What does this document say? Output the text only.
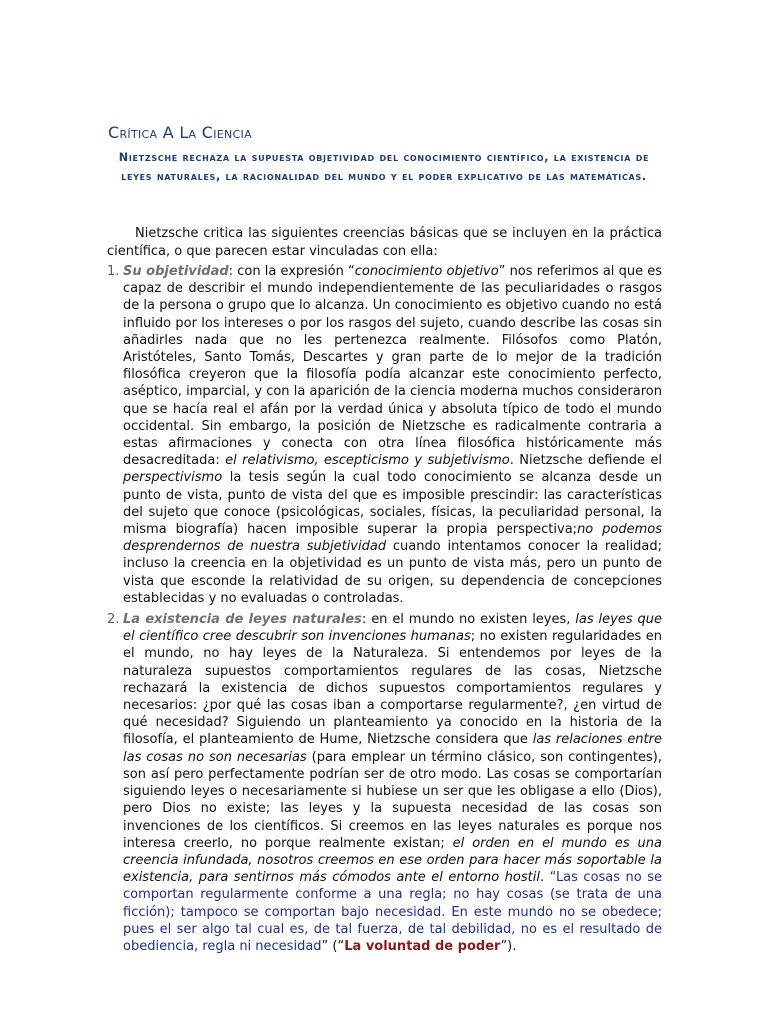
Crítica A La Ciencia
Nietzsche rechaza la supuesta objetividad del conocimiento científico, la existencia de leyes naturales, la racionalidad del mundo y el poder explicativo de las matemáticas.

Nietzsche critica las siguientes creencias básicas que se incluyen en la práctica científica, o que parecen estar vinculadas con ella:

1. Su objetividad: con la expresión “conocimiento objetivo” nos referimos al que es capaz de describir el mundo independientemente de las peculiaridades o rasgos de la persona o grupo que lo alcanza. Un conocimiento es objetivo cuando no está influido por los intereses o por los rasgos del sujeto, cuando describe las cosas sin añadirles nada que no les pertenezca realmente. Filósofos como Platón, Aristóteles, Santo Tomás, Descartes y gran parte de lo mejor de la tradición filosófica creyeron que la filosofía podía alcanzar este conocimiento perfecto, aséptico, imparcial, y con la aparición de la ciencia moderna muchos consideraron que se hacía real el afán por la verdad única y absoluta típico de todo el mundo occidental. Sin embargo, la posición de Nietzsche es radicalmente contraria a estas afirmaciones y conecta con otra línea filosófica históricamente más desacreditada: el relativismo, escepticismo y subjetivismo. Nietzsche defiende el perspectivismo la tesis según la cual todo conocimiento se alcanza desde un punto de vista, punto de vista del que es imposible prescindir: las características del sujeto que conoce (psicológicas, sociales, físicas, la peculiaridad personal, la misma biografía) hacen imposible superar la propia perspectiva;no podemos desprendernos de nuestra subjetividad cuando intentamos conocer la realidad; incluso la creencia en la objetividad es un punto de vista más, pero un punto de vista que esconde la relatividad de su origen, su dependencia de concepciones establecidas y no evaluadas o controladas.
2. La existencia de leyes naturales: en el mundo no existen leyes, las leyes que el científico cree descubrir son invenciones humanas; no existen regularidades en el mundo, no hay leyes de la Naturaleza. Si entendemos por leyes de la naturaleza supuestos comportamientos regulares de las cosas, Nietzsche rechazará la existencia de dichos supuestos comportamientos regulares y necesarios: ¿por qué las cosas iban a comportarse regularmente?, ¿en virtud de qué necesidad? Siguiendo un planteamiento ya conocido en la historia de la filosofía, el planteamiento de Hume, Nietzsche considera que las relaciones entre las cosas no son necesarias (para emplear un término clásico, son contingentes), son así pero perfectamente podrían ser de otro modo. Las cosas se comportarían siguiendo leyes o necesariamente si hubiese un ser que les obligase a ello (Dios), pero Dios no existe; las leyes y la supuesta necesidad de las cosas son invenciones de los científicos. Si creemos en las leyes naturales es porque nos interesa creerlo, no porque realmente existan; el orden en el mundo es una creencia infundada, nosotros creemos en ese orden para hacer más soportable la existencia, para sentirnos más cómodos ante el entorno hostil. “Las cosas no se comportan regularmente conforme a una regla; no hay cosas (se trata de una ficción); tampoco se comportan bajo necesidad. En este mundo no se obedece; pues el ser algo tal cual es, de tal fuerza, de tal debilidad, no es el resultado de obediencia, regla ni necesidad” (“La voluntad de poder”).
